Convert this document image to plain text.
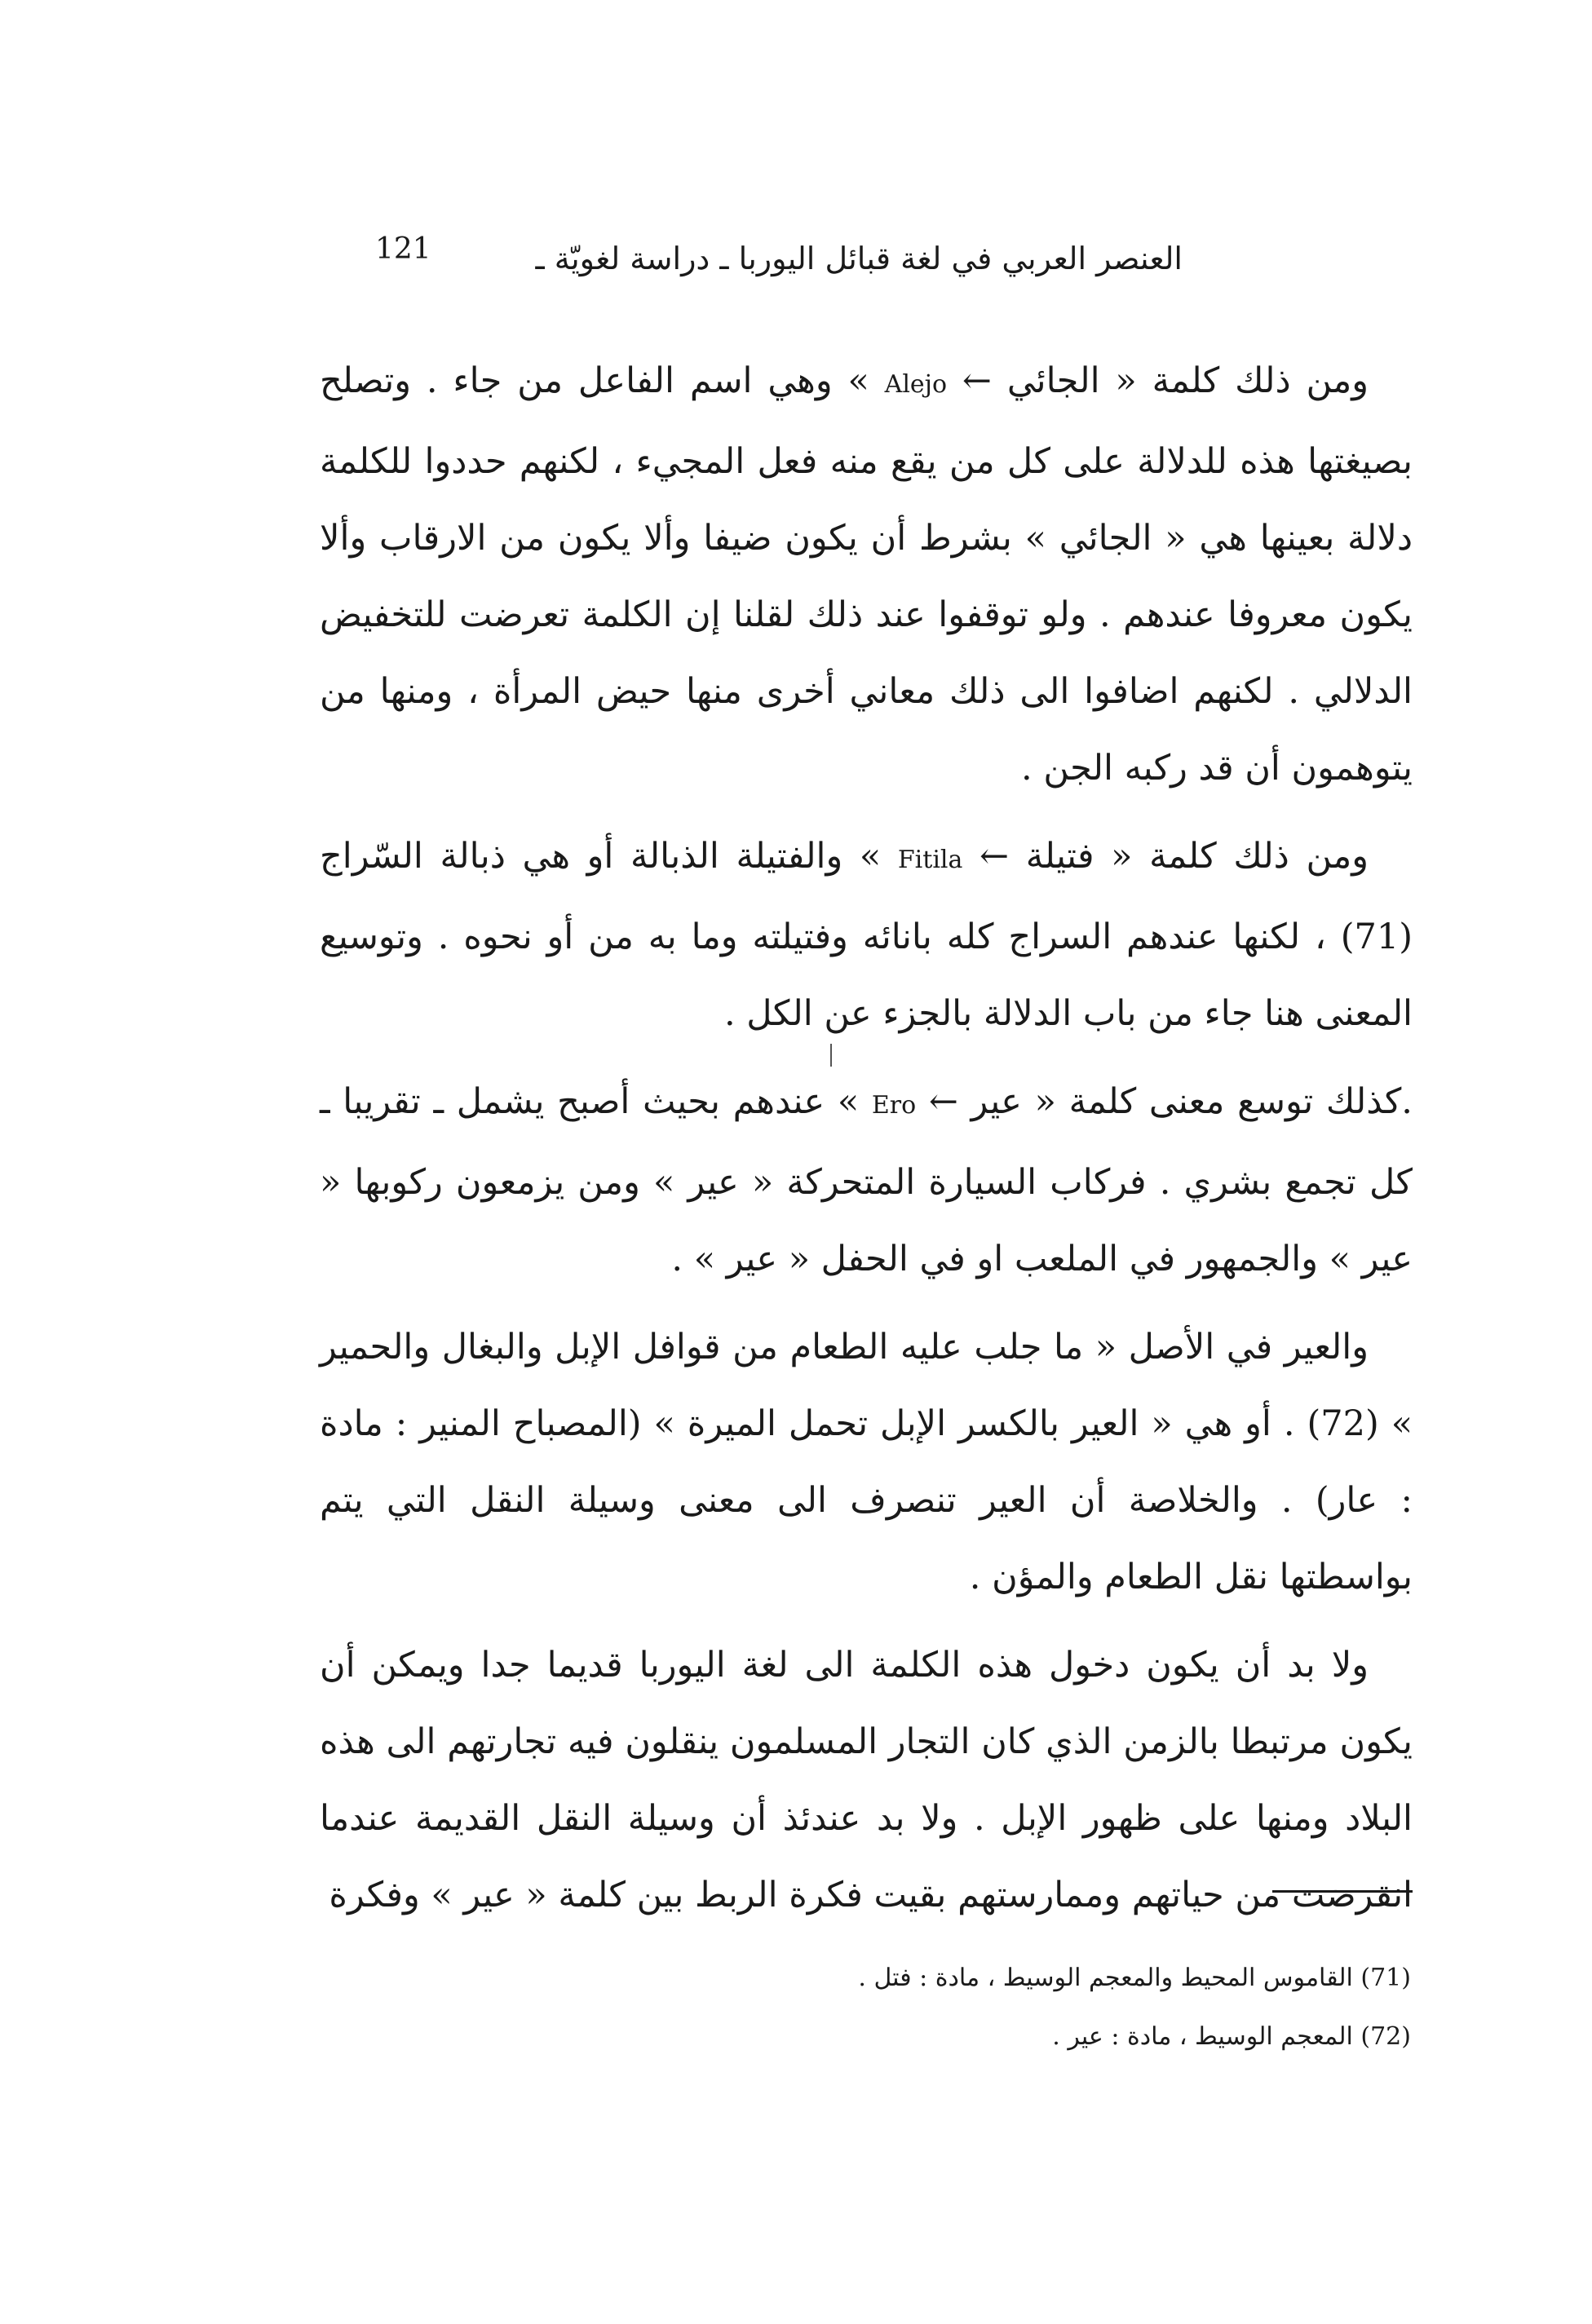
العنصر العربي في لغة قبائل اليوربا ـ دراسة لغويّة ـ
121

ومن ذلك كلمة « الجائي ← Alejo » وهي اسم الفاعل من جاء . وتصلح بصيغتها هذه للدلالة على كل من يقع منه فعل المجيء ، لكنهم حددوا للكلمة دلالة بعينها هي « الجائي » بشرط أن يكون ضيفا وألا يكون من الارقاب وألا يكون معروفا عندهم . ولو توقفوا عند ذلك لقلنا إن الكلمة تعرضت للتخفيض الدلالي . لكنهم اضافوا الى ذلك معاني أخرى منها حيض المرأة ، ومنها من يتوهمون أن قد ركبه الجن .

ومن ذلك كلمة « فتيلة ← Fitila » والفتيلة الذبالة أو هي ذبالة السّراج (71) ، لكنها عندهم السراج كله بانائه وفتيلته وما به من أو نحوه . وتوسيع المعنى هنا جاء من باب الدلالة بالجزء عن الكل .

.كذلك توسع معنى كلمة « عير ← Ero » عندهم بحيث أصبح يشمل ـ تقريبا ـ كل تجمع بشري . فركاب السيارة المتحركة « عير » ومن يزمعون ركوبها « عير » والجمهور في الملعب او في الحفل « عير » .

والعير في الأصل « ما جلب عليه الطعام من قوافل الإبل والبغال والحمير » (72) . أو هي « العير بالكسر الإبل تحمل الميرة » (المصباح المنير : مادة : عار) . والخلاصة أن العير تنصرف الى معنى وسيلة النقل التي يتم بواسطتها نقل الطعام والمؤن .

ولا بد أن يكون دخول هذه الكلمة الى لغة اليوربا قديما جدا ويمكن أن يكون مرتبطا بالزمن الذي كان التجار المسلمون ينقلون فيه تجارتهم الى هذه البلاد ومنها على ظهور الإبل . ولا بد عندئذ أن وسيلة النقل القديمة عندما انقرضت من حياتهم وممارستهم بقيت فكرة الربط بين كلمة « عير » وفكرة

(71) القاموس المحيط والمعجم الوسيط ، مادة : فتل .

(72) المعجم الوسيط ، مادة : عير .
